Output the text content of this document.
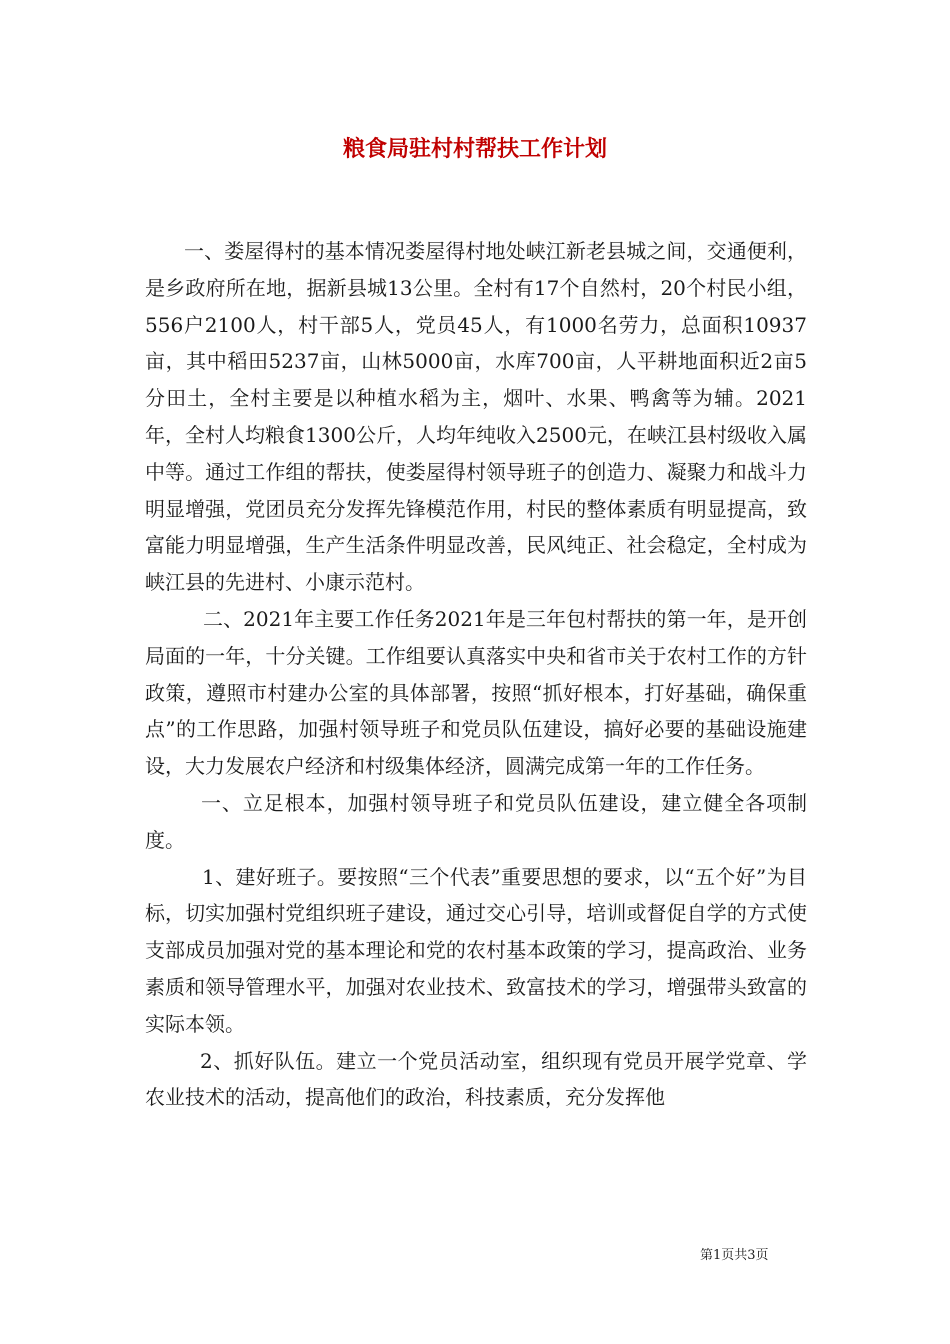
粮食局驻村村帮扶工作计划

一、娄屋得村的基本情况娄屋得村地处峡江新老县城之间，交通便利，是乡政府所在地，据新县城13公里。全村有17个自然村，20个村民小组，556户2100人，村干部5人，党员45人，有1000名劳力，总面积10937亩，其中稻田5237亩，山林5000亩，水库700亩，人平耕地面积近2亩5分田土，全村主要是以种植水稻为主，烟叶、水果、鸭禽等为辅。2021年，全村人均粮食1300公斤，人均年纯收入2500元，在峡江县村级收入属中等。通过工作组的帮扶，使娄屋得村领导班子的创造力、凝聚力和战斗力明显增强，党团员充分发挥先锋模范作用，村民的整体素质有明显提高，致富能力明显增强，生产生活条件明显改善，民风纯正、社会稳定，全村成为峡江县的先进村、小康示范村。

二、2021年主要工作任务2021年是三年包村帮扶的第一年，是开创局面的一年，十分关键。工作组要认真落实中央和省市关于农村工作的方针政策，遵照市村建办公室的具体部署，按照“抓好根本，打好基础，确保重点”的工作思路，加强村领导班子和党员队伍建设，搞好必要的基础设施建设，大力发展农户经济和村级集体经济，圆满完成第一年的工作任务。

一、立足根本，加强村领导班子和党员队伍建设，建立健全各项制度。

1、建好班子。要按照“三个代表”重要思想的要求，以“五个好”为目标，切实加强村党组织班子建设，通过交心引导，培训或督促自学的方式使支部成员加强对党的基本理论和党的农村基本政策的学习，提高政治、业务素质和领导管理水平，加强对农业技术、致富技术的学习，增强带头致富的实际本领。

2、抓好队伍。建立一个党员活动室，组织现有党员开展学党章、学农业技术的活动，提高他们的政治，科技素质，充分发挥他

第1页共3页
